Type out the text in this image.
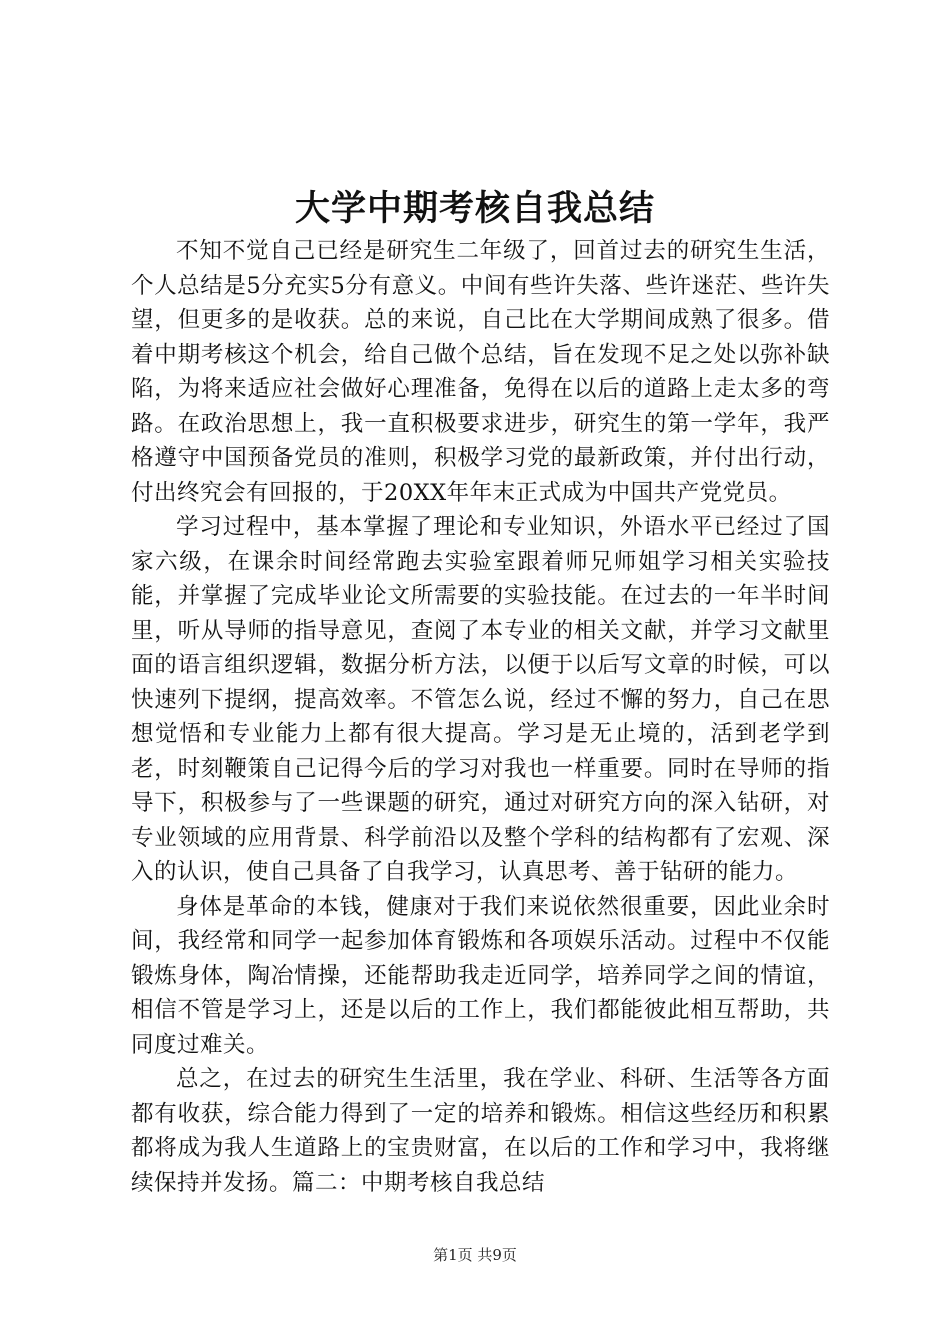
大学中期考核自我总结

不知不觉自己已经是研究生二年级了，回首过去的研究生生活，个人总结是5分充实5分有意义。中间有些许失落、些许迷茫、些许失望，但更多的是收获。总的来说，自己比在大学期间成熟了很多。借着中期考核这个机会，给自己做个总结，旨在发现不足之处以弥补缺陷，为将来适应社会做好心理准备，免得在以后的道路上走太多的弯路。在政治思想上，我一直积极要求进步，研究生的第一学年，我严格遵守中国预备党员的准则，积极学习党的最新政策，并付出行动，付出终究会有回报的，于20XX年年末正式成为中国共产党党员。

学习过程中，基本掌握了理论和专业知识，外语水平已经过了国家六级，在课余时间经常跑去实验室跟着师兄师姐学习相关实验技能，并掌握了完成毕业论文所需要的实验技能。在过去的一年半时间里，听从导师的指导意见，查阅了本专业的相关文献，并学习文献里面的语言组织逻辑，数据分析方法，以便于以后写文章的时候，可以快速列下提纲，提高效率。不管怎么说，经过不懈的努力，自己在思想觉悟和专业能力上都有很大提高。学习是无止境的，活到老学到老，时刻鞭策自己记得今后的学习对我也一样重要。同时在导师的指导下，积极参与了一些课题的研究，通过对研究方向的深入钻研，对专业领域的应用背景、科学前沿以及整个学科的结构都有了宏观、深入的认识，使自己具备了自我学习，认真思考、善于钻研的能力。

身体是革命的本钱，健康对于我们来说依然很重要，因此业余时间，我经常和同学一起参加体育锻炼和各项娱乐活动。过程中不仅能锻炼身体，陶冶情操，还能帮助我走近同学，培养同学之间的情谊，相信不管是学习上，还是以后的工作上，我们都能彼此相互帮助，共同度过难关。

总之，在过去的研究生生活里，我在学业、科研、生活等各方面都有收获，综合能力得到了一定的培养和锻炼。相信这些经历和积累都将成为我人生道路上的宝贵财富，在以后的工作和学习中，我将继续保持并发扬。篇二：中期考核自我总结

第1页 共9页
